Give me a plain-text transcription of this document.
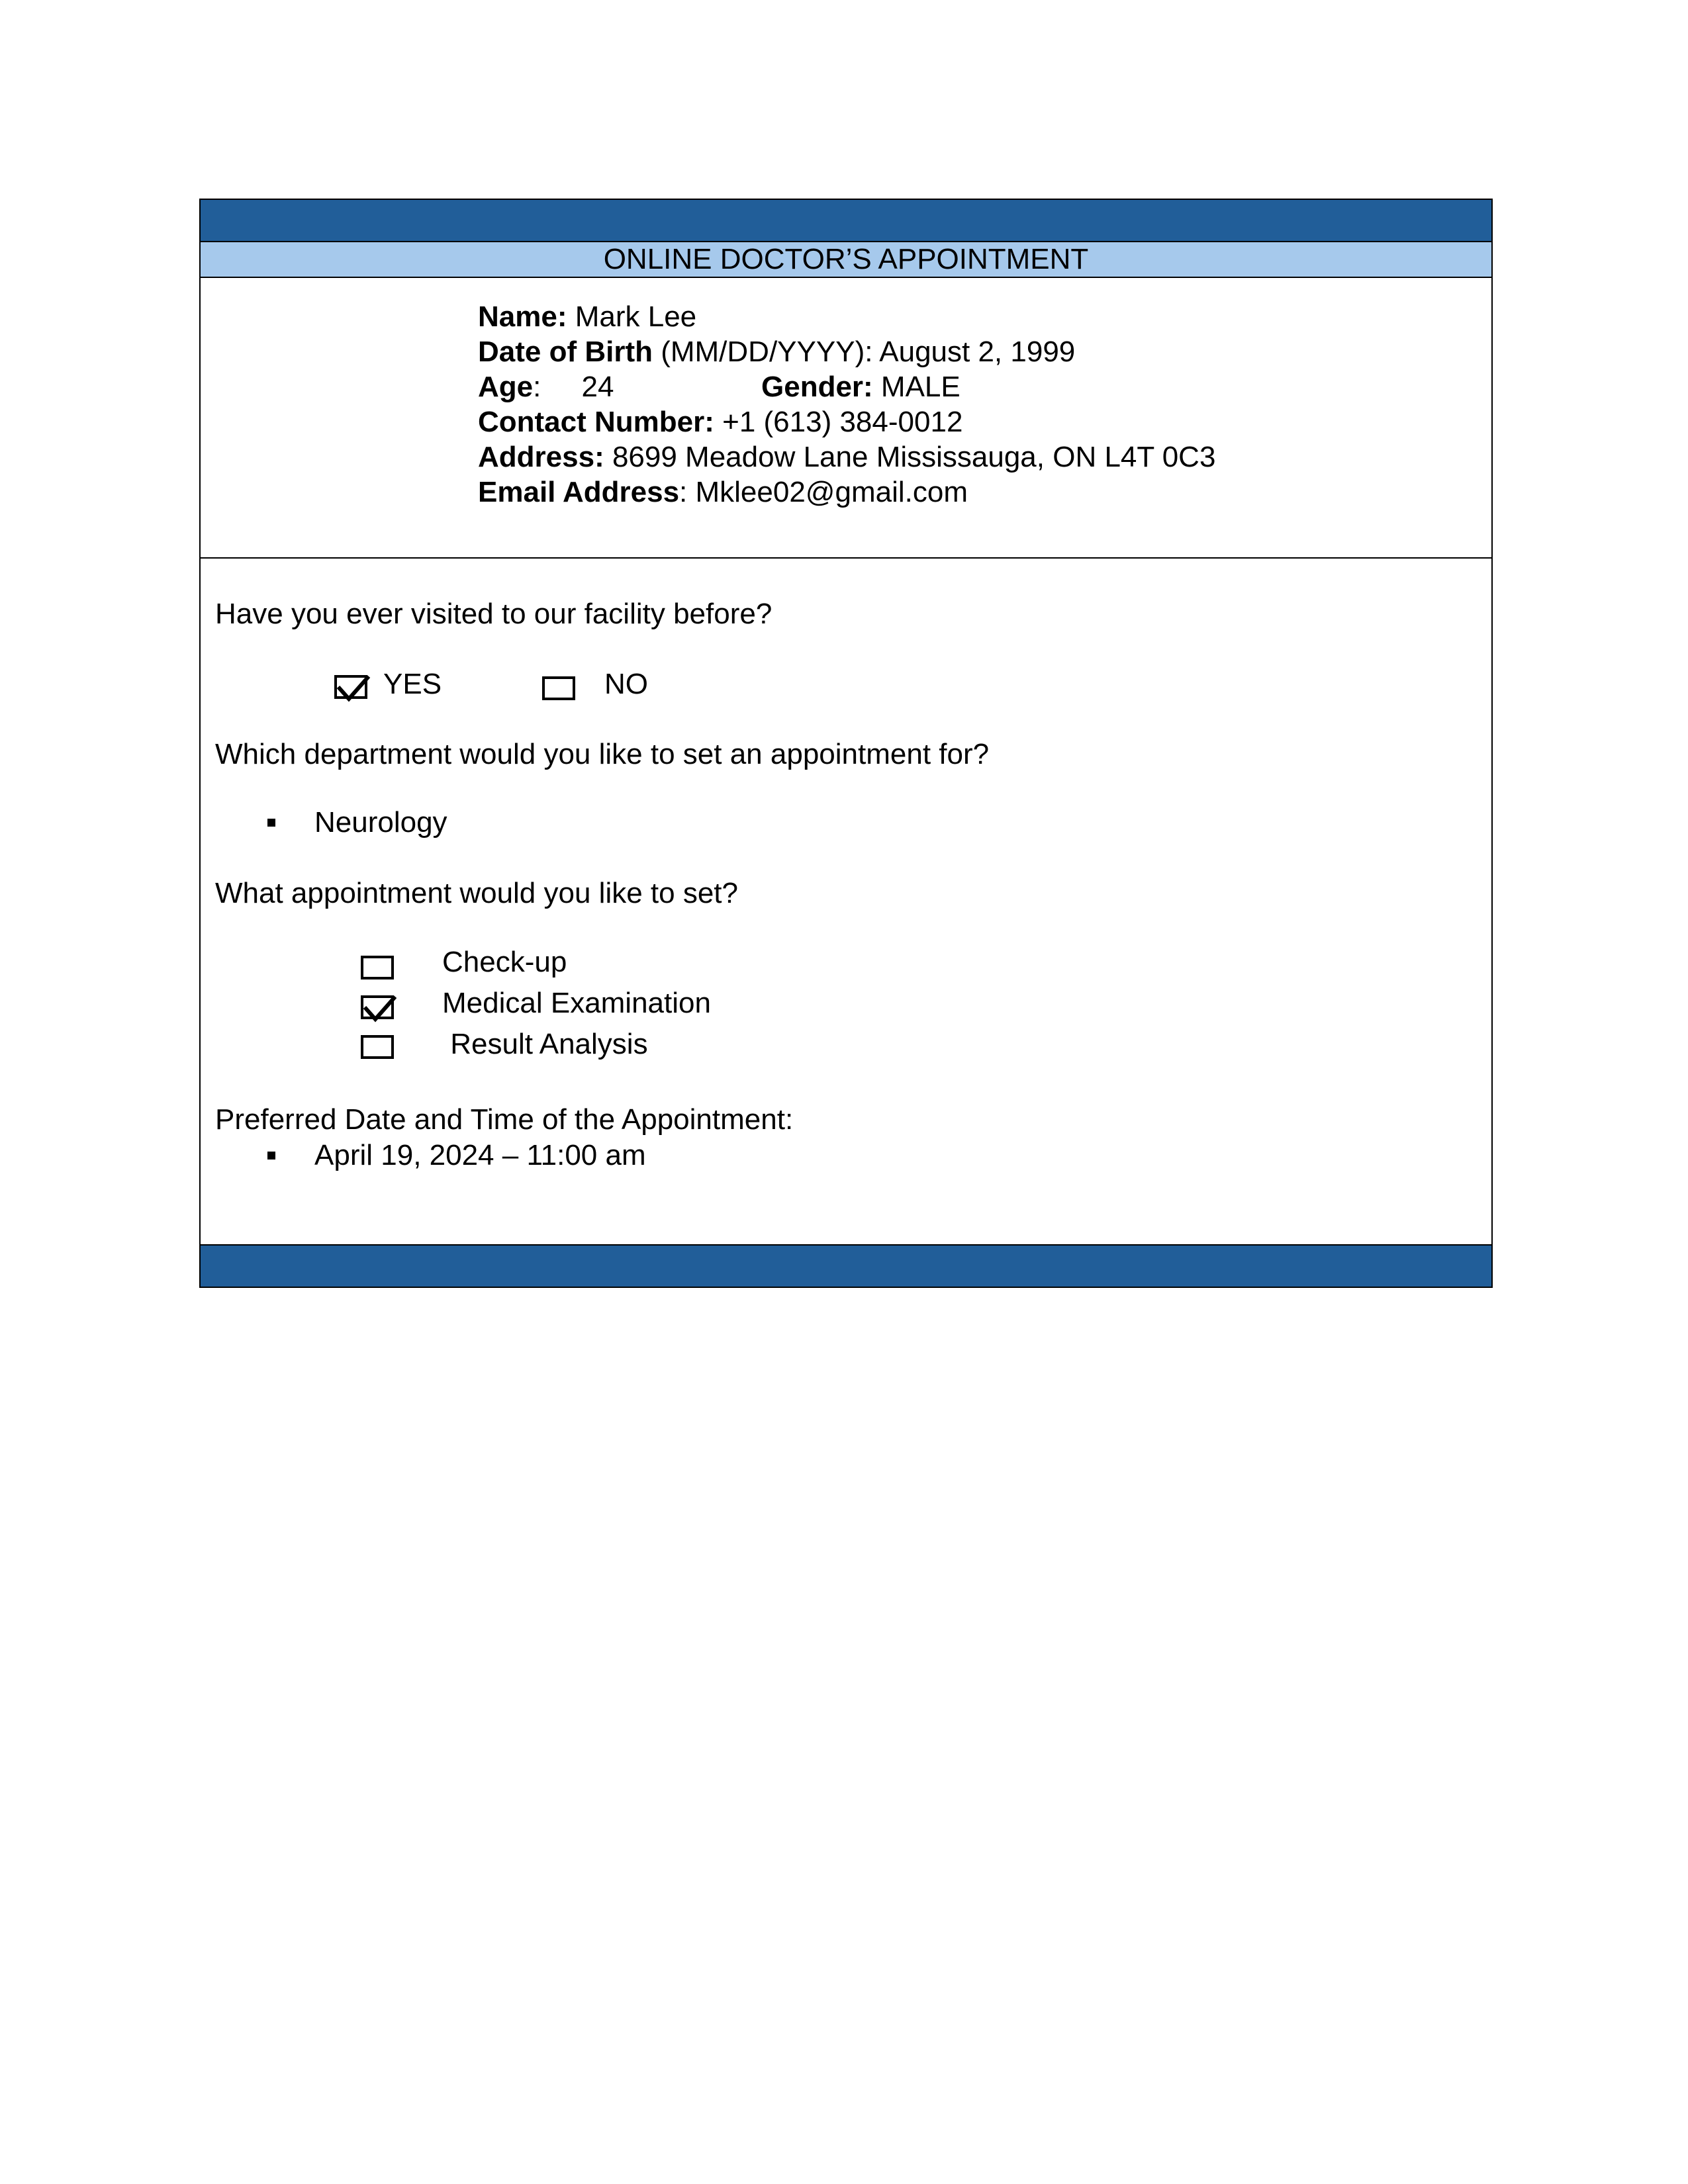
ONLINE DOCTOR’S APPOINTMENT
Name: Mark Lee
Date of Birth (MM/DD/YYYY): August 2, 1999
Age:     24	Gender: MALE
Contact Number: +1 (613) 384-0012
Address: 8699 Meadow Lane Mississauga, ON L4T 0C3
Email Address: Mklee02@gmail.com
Have you ever visited to our facility before?
YES	NO
Which department would you like to set an appointment for?
Neurology
What appointment would you like to set?
Check-up
Medical Examination
Result Analysis
Preferred Date and Time of the Appointment:
April 19, 2024 – 11:00 am
